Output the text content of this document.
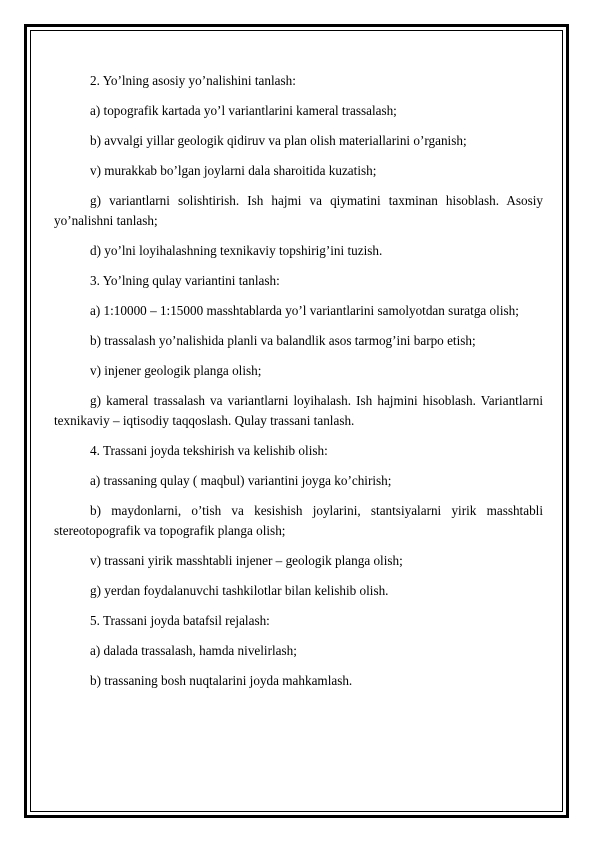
2. Yo’lning asosiy yo’nalishini tanlash:

a) topografik kartada yo’l variantlarini kameral trassalash;

b) avvalgi yillar geologik qidiruv va plan olish materiallarini o’rganish;

v) murakkab bo’lgan joylarni dala sharoitida kuzatish;

g) variantlarni solishtirish. Ish hajmi va qiymatini taxminan hisoblash. Asosiy yo’nalishni tanlash;

d) yo’lni loyihalashning texnikaviy topshirig’ini tuzish.

3. Yo’lning qulay variantini tanlash:

a) 1:10000 – 1:15000 masshtablarda yo’l variantlarini samolyotdan suratga olish;

b) trassalash yo’nalishida planli va balandlik asos tarmog’ini barpo etish;

v) injener geologik planga olish;

g) kameral trassalash va variantlarni loyihalash. Ish hajmini hisoblash. Variantlarni texnikaviy – iqtisodiy taqqoslash. Qulay trassani tanlash.

4. Trassani joyda tekshirish va kelishib olish:

a) trassaning qulay ( maqbul) variantini joyga ko’chirish;

b) maydonlarni, o’tish va kesishish joylarini, stantsiyalarni yirik masshtabli stereotopografik va topografik planga olish;

v) trassani yirik masshtabli injener – geologik planga olish;

g) yerdan foydalanuvchi tashkilotlar bilan kelishib olish.

5. Trassani joyda batafsil rejalash:

a) dalada trassalash, hamda nivelirlash;

b) trassaning bosh nuqtalarini joyda mahkamlash.
